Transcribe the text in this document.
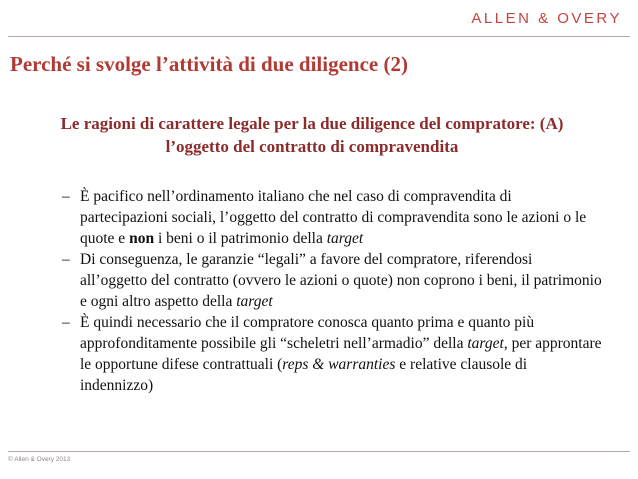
ALLEN & OVERY
Perché si svolge l’attività di due diligence (2)
Le ragioni di carattere legale per la due diligence del compratore: (A) l’oggetto del contratto di compravendita
– È pacifico nell’ordinamento italiano che nel caso di compravendita di partecipazioni sociali, l’oggetto del contratto di compravendita sono le azioni o le quote e non i beni o il patrimonio della target
– Di conseguenza, le garanzie “legali” a favore del compratore, riferendosi all’oggetto del contratto (ovvero le azioni o quote) non coprono i beni, il patrimonio e ogni altro aspetto della target
– È quindi necessario che il compratore conosca quanto prima e quanto più approfonditamente possibile gli “scheletri nell’armadio” della target, per approntare le opportune difese contrattuali (reps & warranties e relative clausole di indennizzo)
© Allen & Overy 2013
